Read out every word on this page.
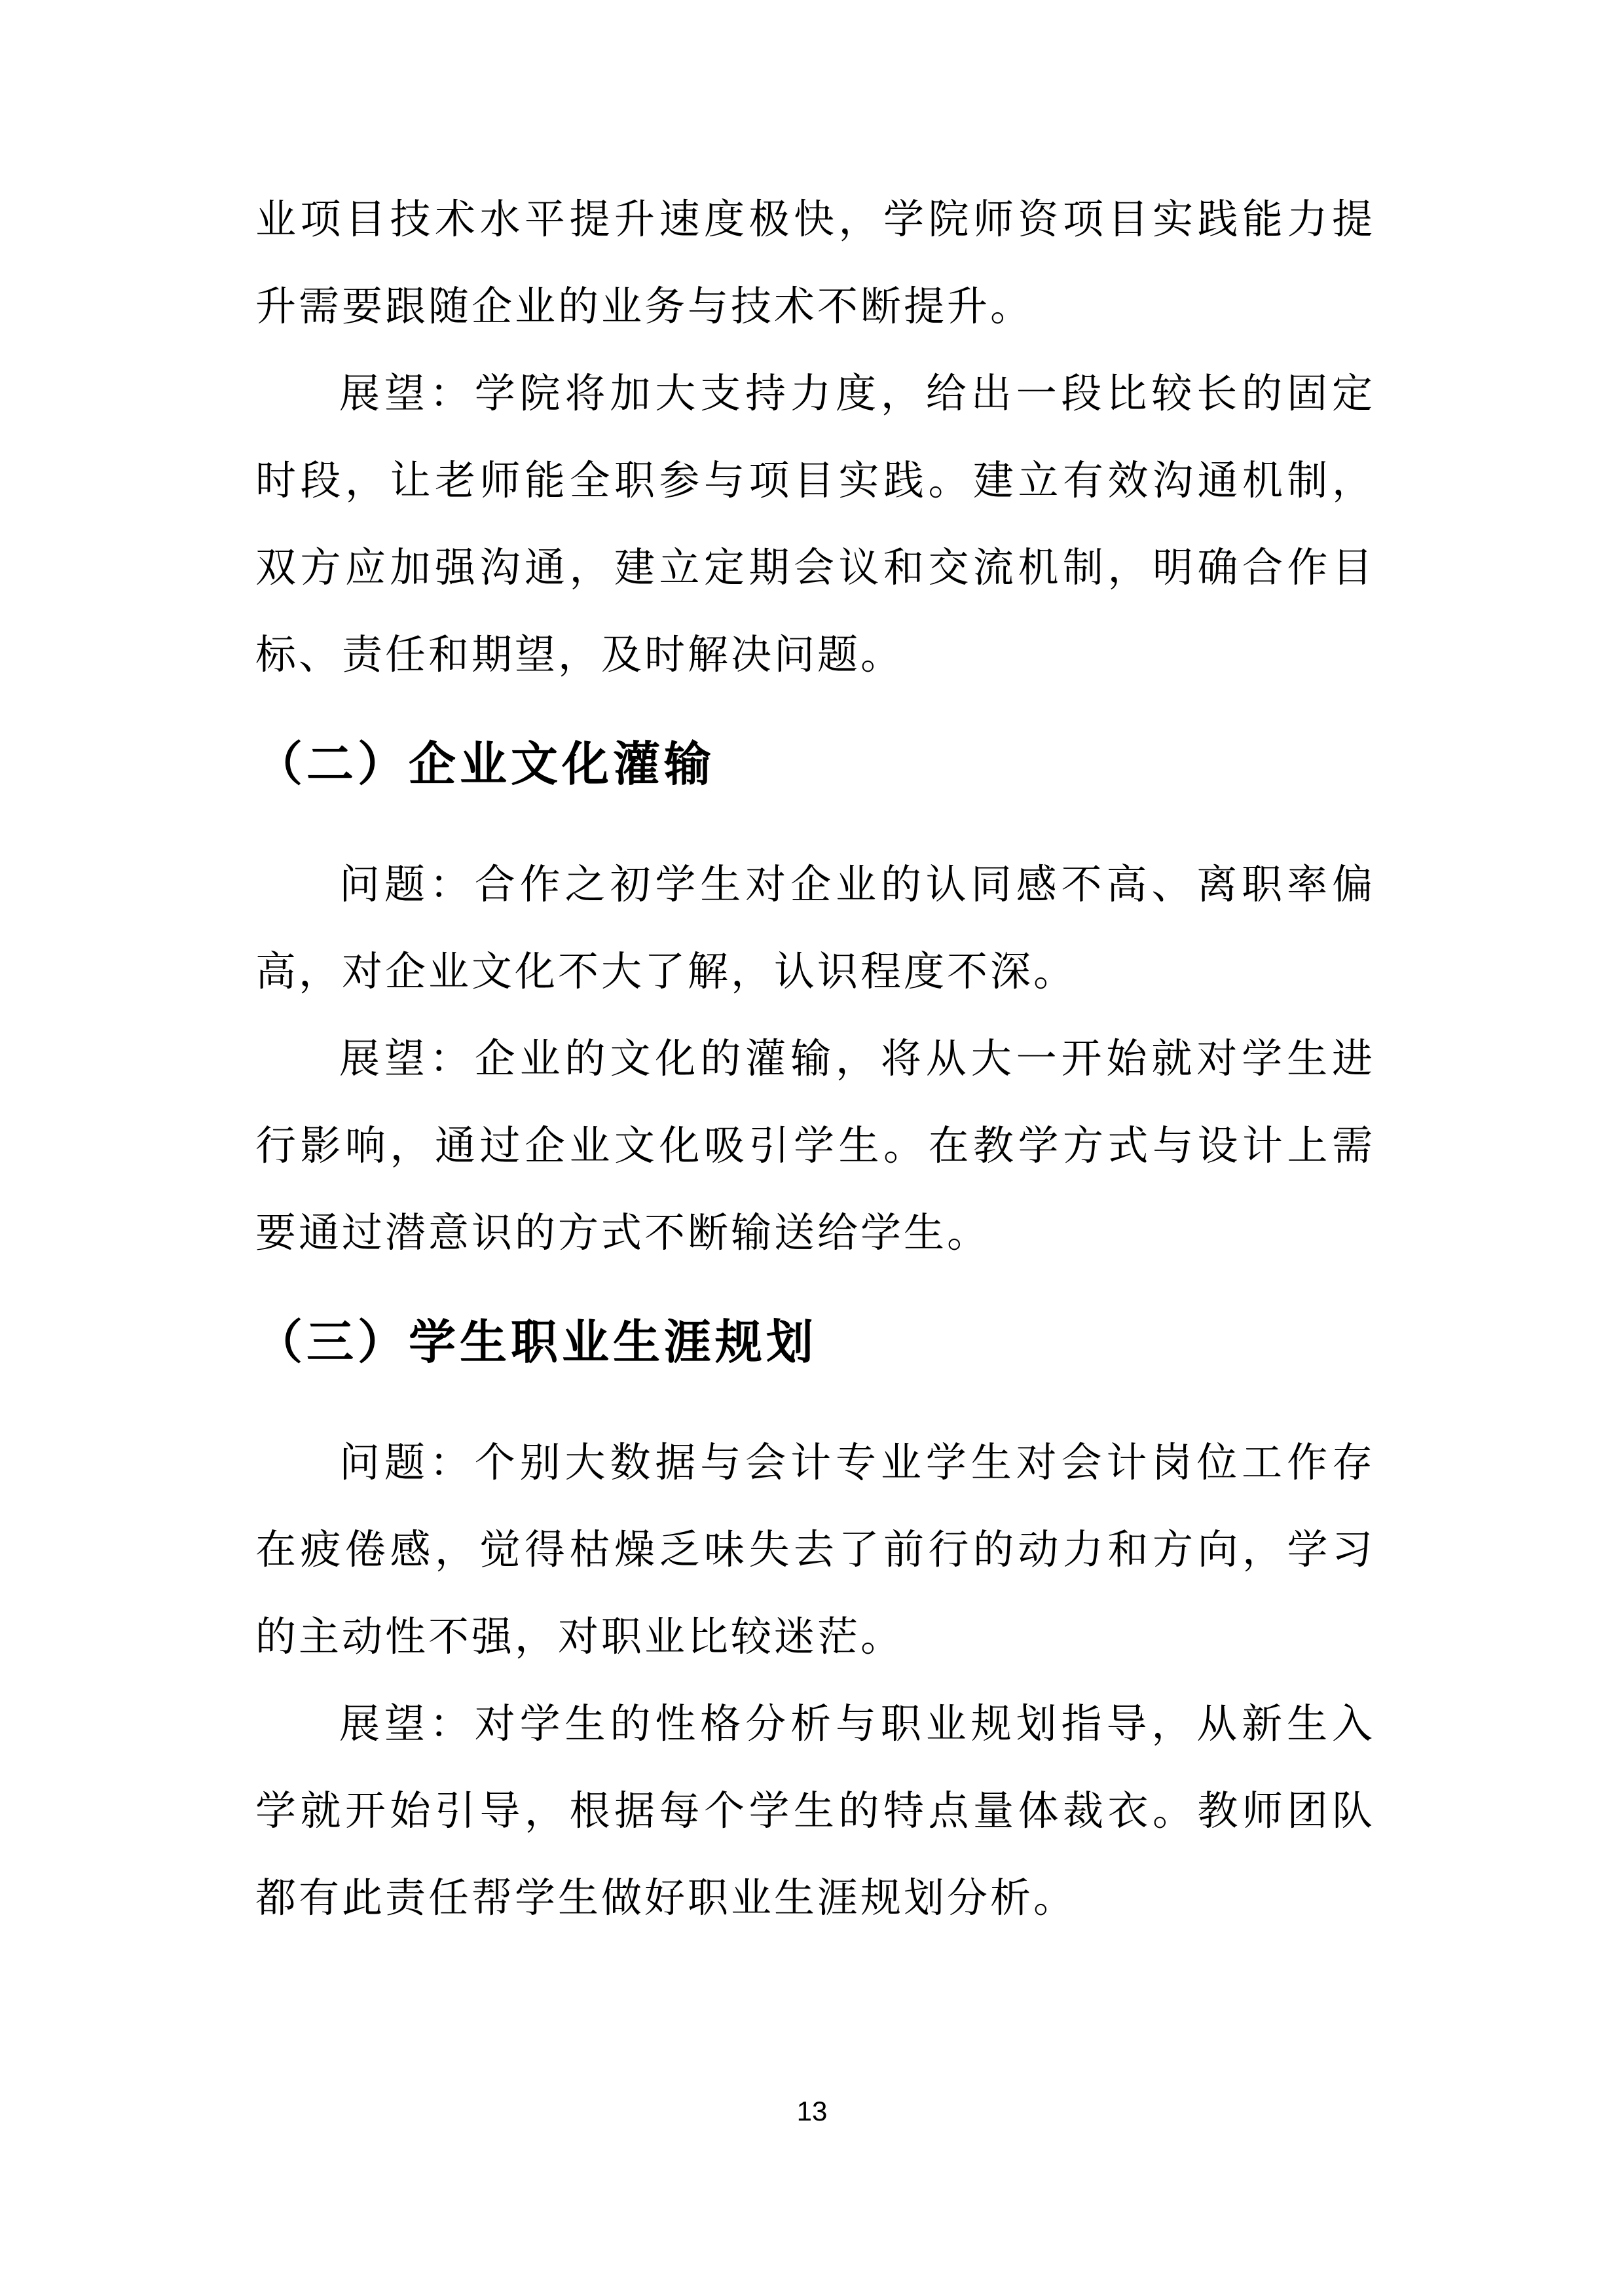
业项目技术水平提升速度极快，学院师资项目实践能力提升需要跟随企业的业务与技术不断提升。

展望：学院将加大支持力度，给出一段比较长的固定时段，让老师能全职参与项目实践。建立有效沟通机制，双方应加强沟通，建立定期会议和交流机制，明确合作目标、责任和期望，及时解决问题。

（二）企业文化灌输

问题：合作之初学生对企业的认同感不高、离职率偏高，对企业文化不大了解，认识程度不深。

展望：企业的文化的灌输，将从大一开始就对学生进行影响，通过企业文化吸引学生。在教学方式与设计上需要通过潜意识的方式不断输送给学生。

（三）学生职业生涯规划

问题：个别大数据与会计专业学生对会计岗位工作存在疲倦感，觉得枯燥乏味失去了前行的动力和方向，学习的主动性不强，对职业比较迷茫。

展望：对学生的性格分析与职业规划指导，从新生入学就开始引导，根据每个学生的特点量体裁衣。教师团队都有此责任帮学生做好职业生涯规划分析。

13
